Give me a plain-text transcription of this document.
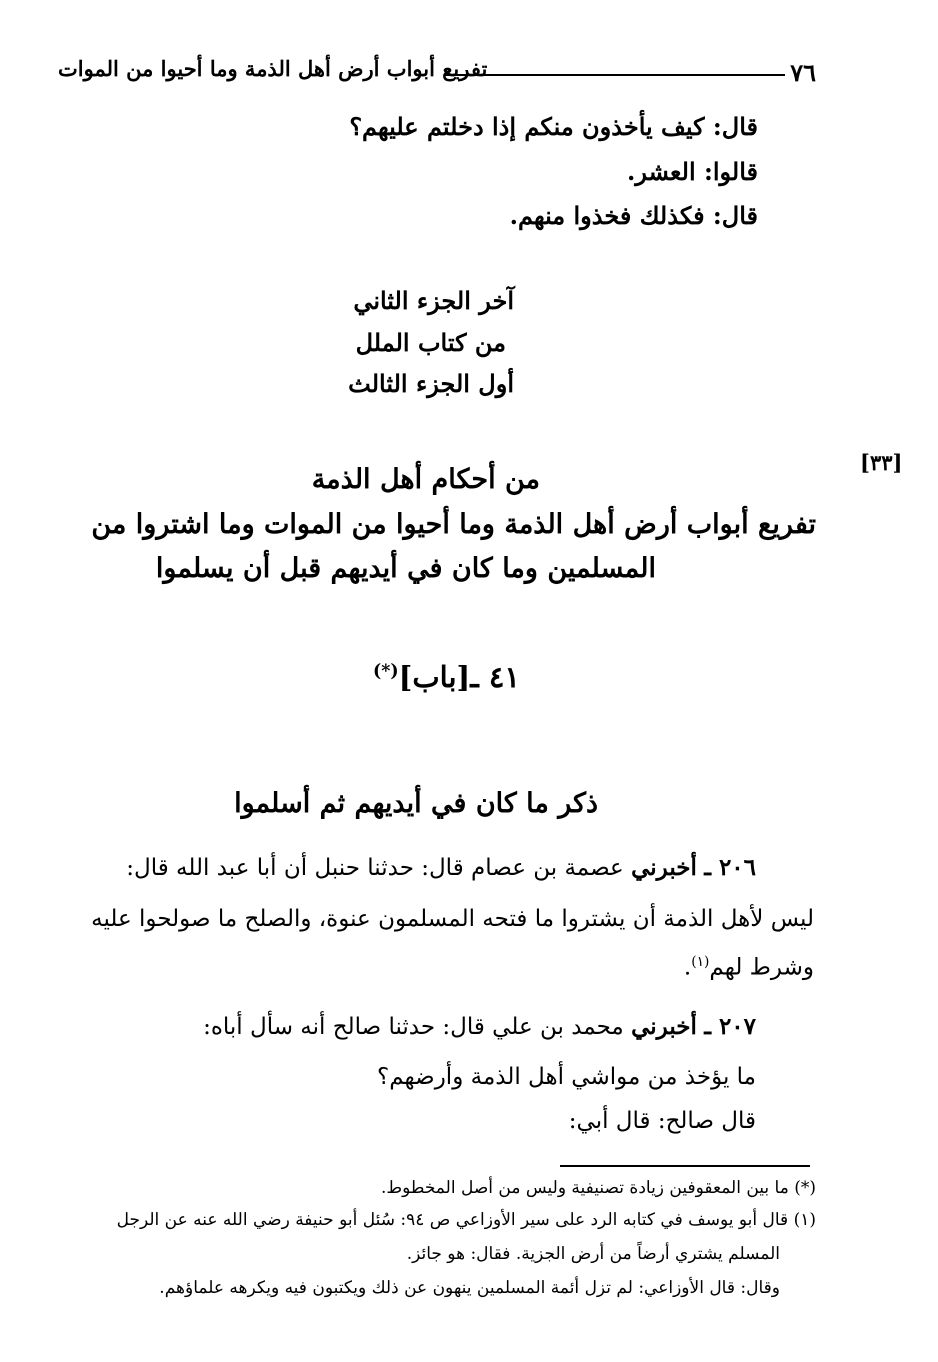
٧٦
تفريع أبواب أرض أهل الذمة وما أحيوا من الموات
قال: كيف يأخذون منكم إذا دخلتم عليهم؟
قالوا: العشر.
قال: فكذلك فخذوا منهم.
آخر الجزء الثاني
من كتاب الملل
أول الجزء الثالث
[٣٣]
من أحكام أهل الذمة
تفريع أبواب أرض أهل الذمة وما أحيوا من الموات وما اشتروا من
المسلمين وما كان في أيديهم قبل أن يسلموا
٤١ ـ[باب](*)
ذكر ما كان في أيديهم ثم أسلموا
٢٠٦ ـ أخبرني عصمة بن عصام قال: حدثنا حنبل أن أبا عبد الله قال:
ليس لأهل الذمة أن يشتروا ما فتحه المسلمون عنوة، والصلح ما صولحوا عليه
وشرط لهم$^{(١)}$.
٢٠٧ ـ أخبرني محمد بن علي قال: حدثنا صالح أنه سأل أباه:
ما يؤخذ من مواشي أهل الذمة وأرضهم؟
قال صالح: قال أبي:
(*) ما بين المعقوفين زيادة تصنيفية وليس من أصل المخطوط.
(١) قال أبو يوسف في كتابه الرد على سير الأوزاعي ص ٩٤: سُئل أبو حنيفة رضي الله عنه عن الرجل
المسلم يشتري أرضاً من أرض الجزية. فقال: هو جائز.
وقال: قال الأوزاعي: لم تزل أئمة المسلمين ينهون عن ذلك ويكتبون فيه ويكرهه علماؤهم.
